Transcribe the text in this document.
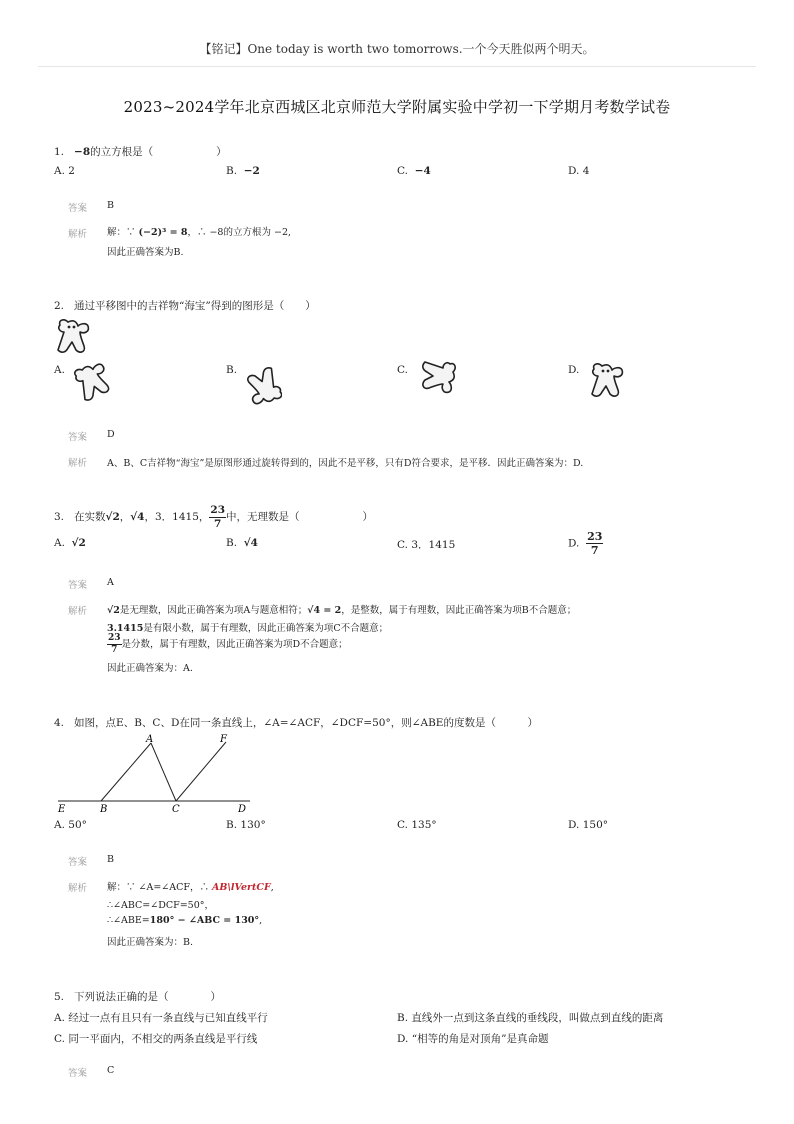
【铭记】One today is worth two tomorrows.一个今天胜似两个明天。
2023~2024学年北京西城区北京师范大学附属实验中学初一下学期月考数学试卷
1. −8的立方根是（　　　　　　）
A. 2	B. −2	C. −4	D. 4
答案 B
解析 解：∵ (−2)³ = 8，∴ −8的立方根为 −2,
因此正确答案为B.
2. 通过平移图中的吉祥物“海宝”得到的图形是（　　）
A.	B.	C.	D.
答案 D
解析 A、B、C吉祥物“海宝”是原图形通过旋转得到的，因此不是平移，只有D符合要求，是平移．因此正确答案为：D.
3. 在实数√2，√4，3．1415， $\frac{23}{7}$ 中，无理数是（　　　　　　）
A. √2	B. √4	C. 3．1415	D. $\frac{23}{7}$
答案 A
解析 √2是无理数，因此正确答案为项A与题意相符；√4 = 2，是整数，属于有理数，因此正确答案为项B不合题意；
3.1415是有限小数，属于有理数，因此正确答案为项C不合题意；
$\frac{23}{7}$ 是分数，属于有理数，因此正确答案为项D不合题意；
因此正确答案为：A.
4. 如图，点E、B、C、D在同一条直线上，∠A=∠ACF，∠DCF=50°，则∠ABE的度数是（　　　）
A	F
E	B	C	D
A. 50°	B. 130°	C. 135°	D. 150°
答案 B
解析 解：∵ ∠A=∠ACF，∴ AB\lVertCF,
∴∠ABC=∠DCF=50°，
∴∠ABE=180° − ∠ABC = 130°,
因此正确答案为：B.
5. 下列说法正确的是（　　　　）
A. 经过一点有且只有一条直线与已知直线平行	B. 直线外一点到这条直线的垂线段，叫做点到直线的距离
C. 同一平面内，不相交的两条直线是平行线	D. “相等的角是对顶角”是真命题
答案 C
